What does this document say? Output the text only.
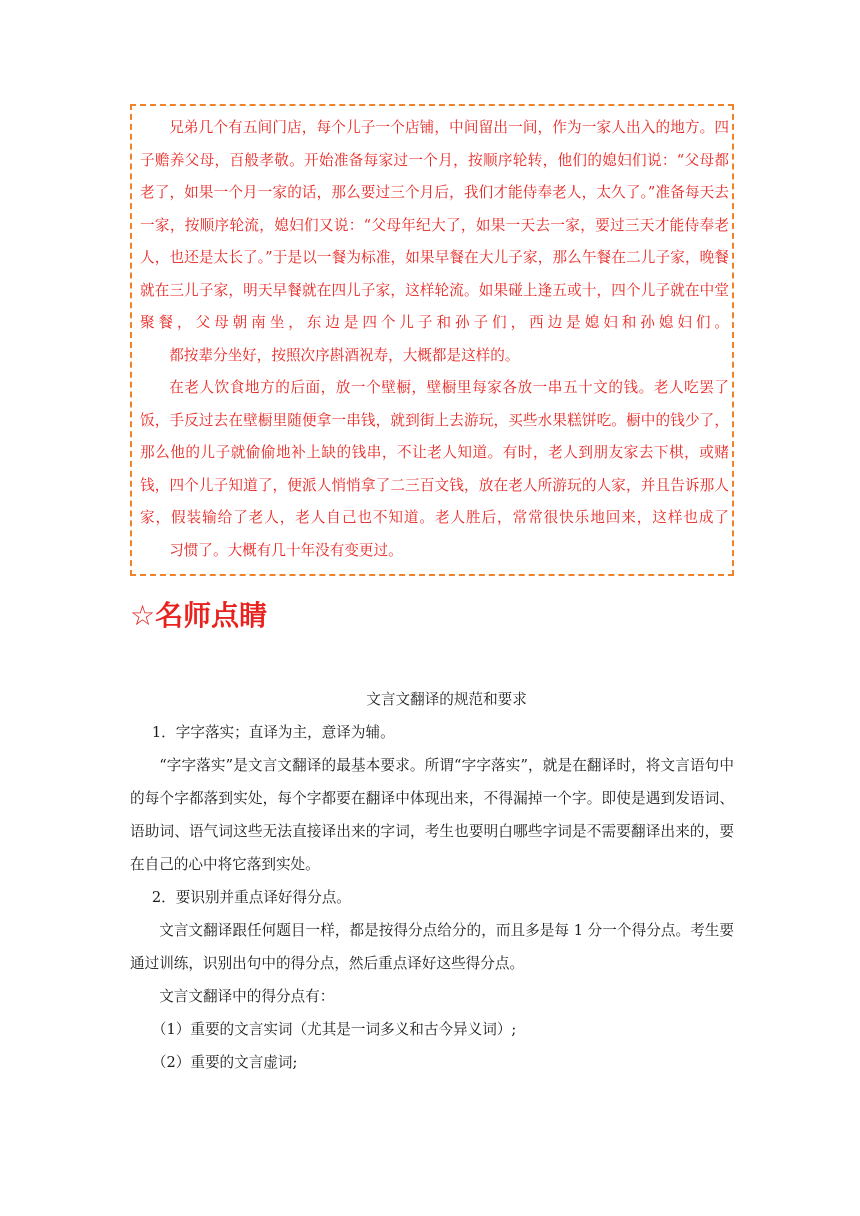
兄弟几个有五间门店，每个儿子一个店铺，中间留出一间，作为一家人出入的地方。四子赡养父母，百般孝敬。开始准备每家过一个月，按顺序轮转，他们的媳妇们说：“父母都老了，如果一个月一家的话，那么要过三个月后，我们才能侍奉老人，太久了。”准备每天去一家，按顺序轮流，媳妇们又说：“父母年纪大了，如果一天去一家，要过三天才能侍奉老人，也还是太长了。”于是以一餐为标准，如果早餐在大儿子家，那么午餐在二儿子家，晚餐就在三儿子家，明天早餐就在四儿子家，这样轮流。如果碰上逢五或十，四个儿子就在中堂聚餐，父母朝南坐，东边是四个儿子和孙子们，西边是媳妇和孙媳妇们。
都按辈分坐好，按照次序斟酒祝寿，大概都是这样的。

在老人饮食地方的后面，放一个壁橱，壁橱里每家各放一串五十文的钱。老人吃罢了饭，手反过去在壁橱里随便拿一串钱，就到街上去游玩，买些水果糕饼吃。橱中的钱少了，那么他的儿子就偷偷地补上缺的钱串，不让老人知道。有时，老人到朋友家去下棋，或赌钱，四个儿子知道了，便派人悄悄拿了二三百文钱，放在老人所游玩的人家，并且告诉那人家，假装输给了老人，老人自己也不知道。老人胜后，常常很快乐地回来，这样也成了
习惯了。大概有几十年没有变更过。

☆名师点睛

文言文翻译的规范和要求

1．字字落实；直译为主，意译为辅。

“字字落实”是文言文翻译的最基本要求。所谓“字字落实”，就是在翻译时，将文言语句中的每个字都落到实处，每个字都要在翻译中体现出来，不得漏掉一个字。即使是遇到发语词、语助词、语气词这些无法直接译出来的字词，考生也要明白哪些字词是不需要翻译出来的，要在自己的心中将它落到实处。

2．要识别并重点译好得分点。

文言文翻译跟任何题目一样，都是按得分点给分的，而且多是每 1 分一个得分点。考生要通过训练，识别出句中的得分点，然后重点译好这些得分点。

文言文翻译中的得分点有：

（1）重要的文言实词（尤其是一词多义和古今异义词）;

（2）重要的文言虚词;
